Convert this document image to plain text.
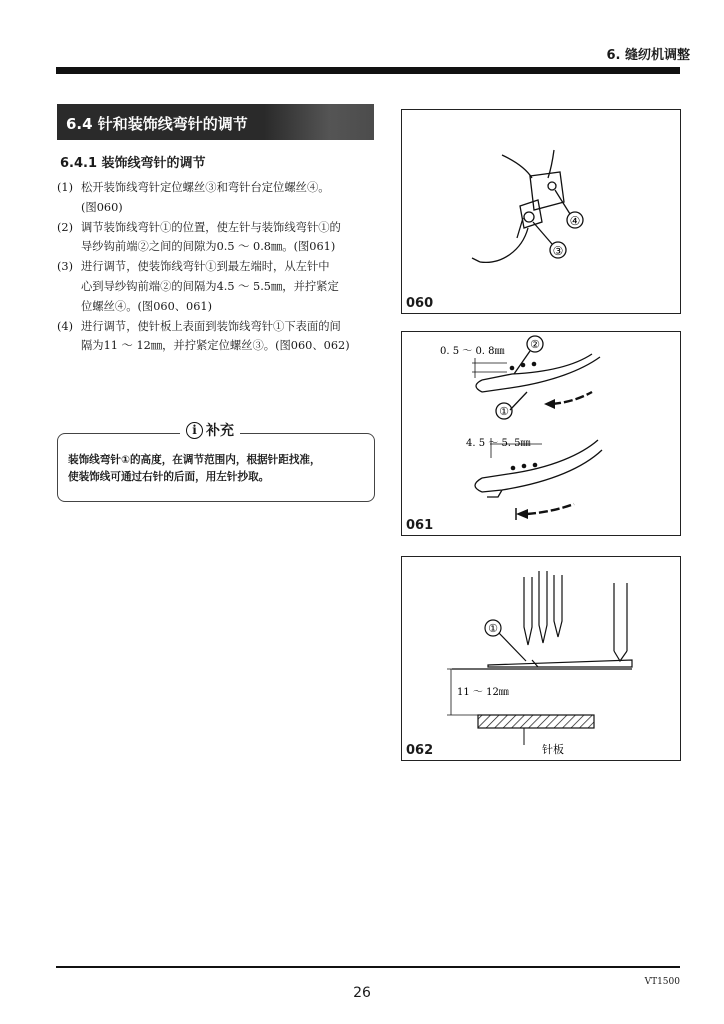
6. 缝纫机调整
6.4 针和装饰线弯针的调节
6.4.1 装饰线弯针的调节
(1) 松开装饰线弯针定位螺丝③和弯针台定位螺丝④。
(图060)
(2) 调节装饰线弯针①的位置，使左针与装饰线弯针①的
导纱钩前端②之间的间隙为0.5 ～ 0.8㎜。(图061)
(3) 进行调节，使装饰线弯针①到最左端时，从左针中
心到导纱钩前端②的间隔为4.5 ～ 5.5㎜，并拧紧定
位螺丝④。(图060、061)
(4) 进行调节，使针板上表面到装饰线弯针①下表面的间
隔为11 ～ 12㎜，并拧紧定位螺丝③。(图060、062)
i 补充
装饰线弯针①的高度，在调节范围内，根据针距找准，
使装饰线可通过右针的后面，用左针抄取。
④
③
060
0. 5 ～ 0. 8㎜
②
①
4. 5 ～ 5. 5㎜
061
①
11 ～ 12㎜
针板
062
VT1500
26
